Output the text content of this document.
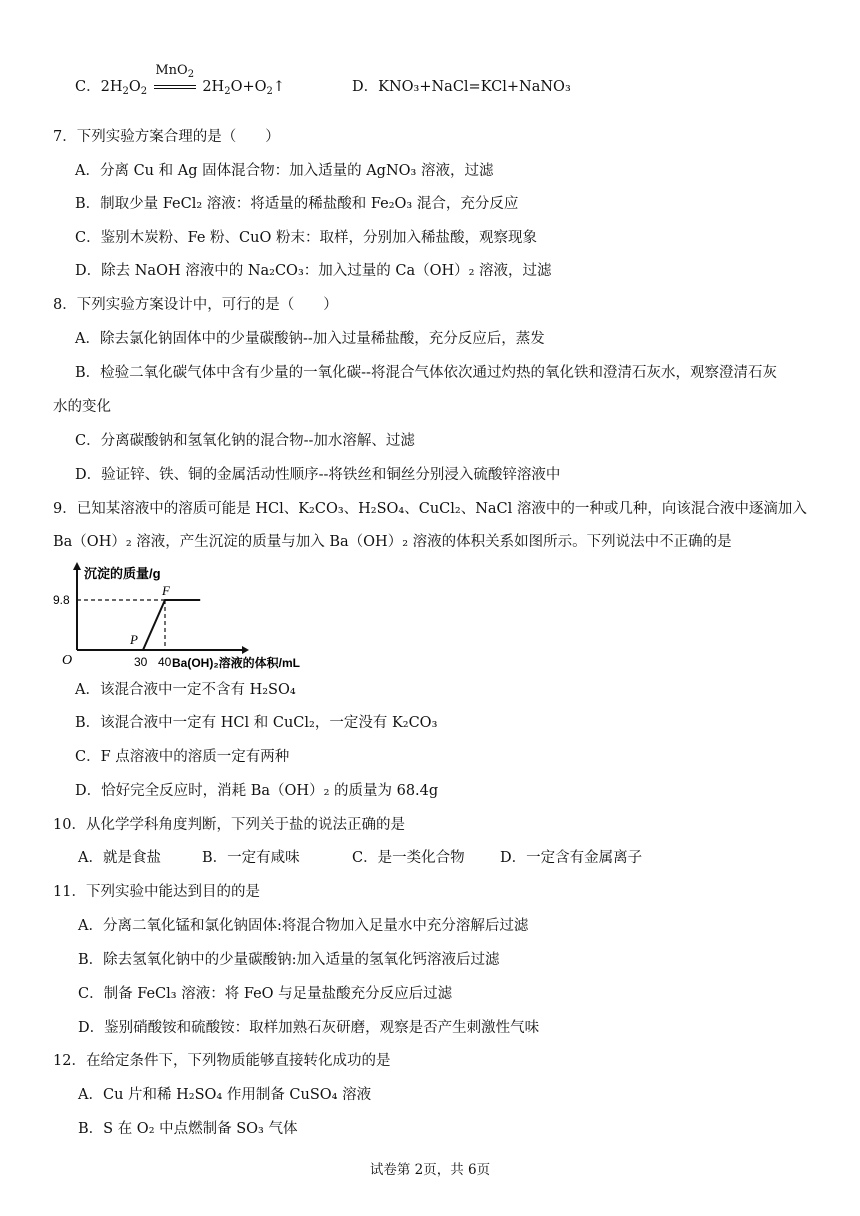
C．$2H_2O_2$
MnO$_2$
$2H_2O+O_2↑$	D．KNO₃+NaCl=KCl+NaNO₃
7．下列实验方案合理的是（　　）
A．分离 Cu 和 Ag 固体混合物：加入适量的 AgNO₃ 溶液，过滤
B．制取少量 FeCl₂ 溶液：将适量的稀盐酸和 Fe₂O₃ 混合，充分反应
C．鉴别木炭粉、Fe 粉、CuO 粉末：取样，分别加入稀盐酸，观察现象
D．除去 NaOH 溶液中的 Na₂CO₃：加入过量的 Ca（OH）₂ 溶液，过滤
8．下列实验方案设计中，可行的是（　　）
A．除去氯化钠固体中的少量碳酸钠--加入过量稀盐酸，充分反应后，蒸发
B．检验二氧化碳气体中含有少量的一氧化碳--将混合气体依次通过灼热的氧化铁和澄清石灰水，观察澄清石灰
水的变化
C．分离碳酸钠和氢氧化钠的混合物--加水溶解、过滤
D．验证锌、铁、铜的金属活动性顺序--将铁丝和铜丝分别浸入硫酸锌溶液中
9．已知某溶液中的溶质可能是 HCl、K₂CO₃、H₂SO₄、CuCl₂、NaCl 溶液中的一种或几种，向该混合液中逐滴加入
Ba（OH）₂ 溶液，产生沉淀的质量与加入 Ba（OH）₂ 溶液的体积关系如图所示。下列说法中不正确的是
沉淀的质量/g
Ba(OH)₂溶液的体积/mL
O
9.8
30 40
P
F
A．该混合液中一定不含有 H₂SO₄
B．该混合液中一定有 HCl 和 CuCl₂，一定没有 K₂CO₃
C．F 点溶液中的溶质一定有两种
D．恰好完全反应时，消耗 Ba（OH）₂ 的质量为 68.4g
10．从化学学科角度判断，下列关于盐的说法正确的是
A．就是食盐	B．一定有咸味	C．是一类化合物 D．一定含有金属离子
11．下列实验中能达到目的的是
A．分离二氧化锰和氯化钠固体:将混合物加入足量水中充分溶解后过滤
B．除去氢氧化钠中的少量碳酸钠:加入适量的氢氧化钙溶液后过滤
C．制备 FeCl₃ 溶液：将 FeO 与足量盐酸充分反应后过滤
D．鉴别硝酸铵和硫酸铵：取样加熟石灰研磨，观察是否产生刺激性气味
12．在给定条件下，下列物质能够直接转化成功的是
A．Cu 片和稀 H₂SO₄ 作用制备 CuSO₄ 溶液
B．S 在 O₂ 中点燃制备 SO₃ 气体
试卷第 2页，共 6页
